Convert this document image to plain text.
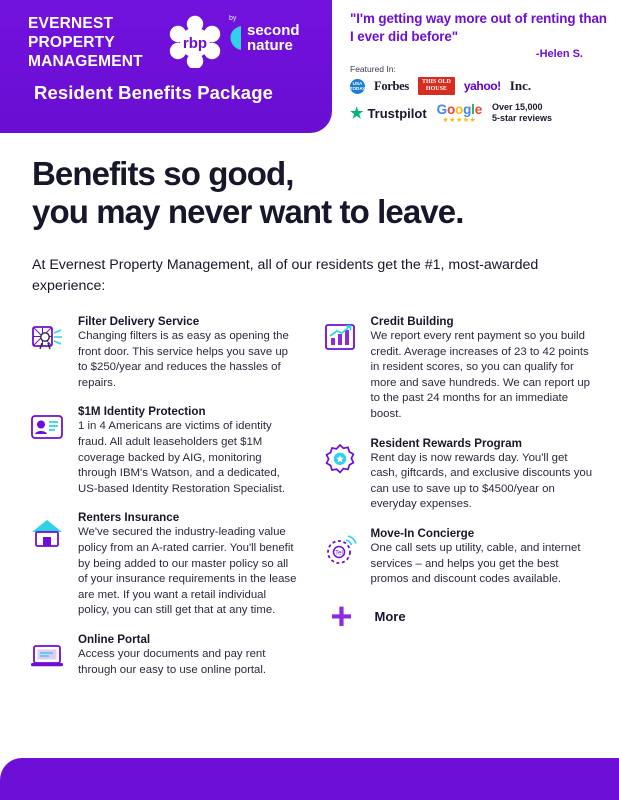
EVERNEST PROPERTY MANAGEMENT
Resident Benefits Package
rbp
by
second
nature
"I'm getting way more out of renting than I ever did before"
-Helen S.
Featured In:
USA
TODAY Forbes	THIS OLD
HOUSE	yahoo! Inc.
★ Trustpilot Google
★★★★★
Over 15,000
5-star reviews
Benefits so good,
you may never want to leave.
At Evernest Property Management, all of our residents get the #1, most-awarded experience:
Filter Delivery Service
Changing filters is as easy as opening the front door. This service helps you save up to $250/year and reduces the hassles of repairs.
$1M Identity Protection
1 in 4 Americans are victims of identity fraud. All adult leaseholders get $1M coverage backed by AIG, monitoring through IBM's Watson, and a dedicated, US-based Identity Restoration Specialist.
Renters Insurance
We've secured the industry-leading value policy from an A-rated carrier. You'll benefit by being added to our master policy so all of your insurance requirements in the lease are met. If you want a retail individual policy, you can still get that at any time.
Online Portal
Access your documents and pay rent through our easy to use online portal.
Credit Building
We report every rent payment so you build credit. Average increases of 23 to 42 points in resident scores, so you can qualify for more and save hundreds. We can report up to the past 24 months for an immediate boost.
Resident Rewards Program
Rent day is now rewards day. You'll get cash, giftcards, and exclusive discounts you can use to save up to $4500/year on everyday expenses.
Tel
Move-In Concierge
One call sets up utility, cable, and internet services – and helps you get the best promos and discount codes available.
+	More
